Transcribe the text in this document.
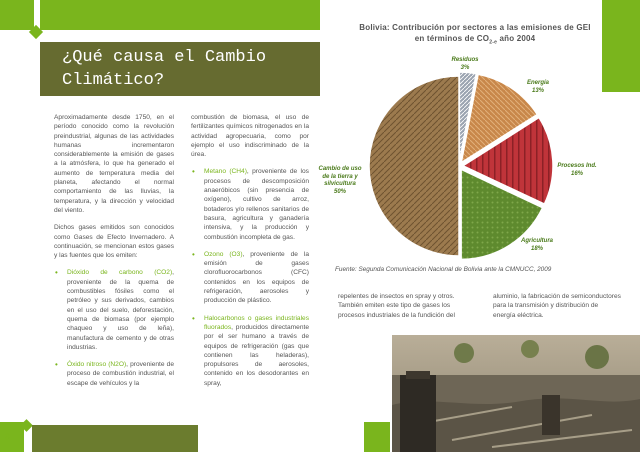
8
¿Qué causa el Cambio
Climático?

Aproximadamente desde 1750, en el período conocido como la revolución preindustrial, algunas de las actividades humanas incrementaron considerablemente la emisión de gases a la atmósfera, lo que ha generado el aumento de temperatura media del planeta, afectando el normal comportamiento de las lluvias, la temperatura, y la dirección y velocidad del viento.

Dichos gases emitidos son conocidos como Gases de Efecto Invernadero. A continuación, se mencionan estos gases y las fuentes que los emiten:

• Dióxido de carbono (CO2), proveniente de la quema de combustibles fósiles como el petróleo y sus derivados, cambios en el uso del suelo, deforestación, quema de biomasa (por ejemplo chaqueo y uso de leña), manufactura de cemento y de otras industrias.
• Óxido nitroso (N2O), proveniente de proceso de combustión industrial, el escape de vehículos y la

combustión de biomasa, el uso de fertilizantes químicos nitrogenados en la actividad agropecuaria, como por ejemplo el uso indiscriminado de la úrea.

• Metano (CH4), proveniente de los procesos de descomposición anaeróbicos (sin presencia de oxígeno), cultivo de arroz, botaderos y/o rellenos sanitarios de basura, agricultura y ganadería intensiva, y la producción y combustión incompleta de gas.
• Ozono (O3), proveniente de la emisión de gases clorofluorocarbonos (CFC) contenidos en los equipos de refrigeración, aerosoles y producción de plástico.
• Halocarbonos o gases industriales fluorados, producidos directamente por el ser humano a través de equipos de refrigeración (gas que contienen las heladeras), propulsores de aerosoles, contenido en los desodorantes en spray,

repelentes de insectos en spray y otros. También emiten este tipo de gases los procesos industriales de la fundición del

aluminio, la fabricación de semiconductores para la transmisión y distribución de energía eléctrica.

Bolivia: Contribución por sectores a las emisiones de GEI
en términos de $CO_{2-e}$ año 2004
Residuos
3%
Energía
13%
Procesos Ind.
16%
Agricultura
18%
Cambio de uso
de la tierra y
silvicultura
50%
Fuente: Segunda Comunicación Nacional de Bolivia ante la CMNUCC, 2009
